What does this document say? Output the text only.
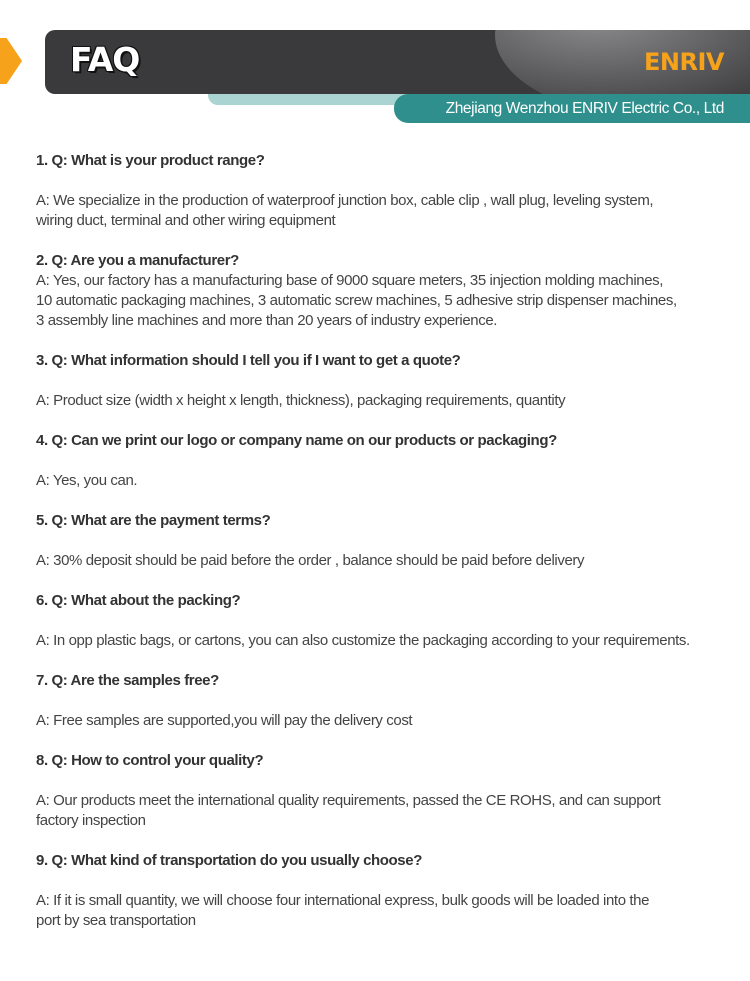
FAQ	ENRIV
Zhejiang Wenzhou ENRIV Electric Co., Ltd
1. Q: What is your product range?
A: We specialize in the production of waterproof junction box, cable clip , wall plug, leveling system,
wiring duct, terminal and other wiring equipment
2. Q: Are you a manufacturer?
A: Yes, our factory has a manufacturing base of 9000 square meters, 35 injection molding machines,
10 automatic packaging machines, 3 automatic screw machines, 5 adhesive strip dispenser machines,
3 assembly line machines and more than 20 years of industry experience.
3. Q: What information should I tell you if I want to get a quote?
A: Product size (width x height x length, thickness), packaging requirements, quantity
4. Q: Can we print our logo or company name on our products or packaging?
A: Yes, you can.
5. Q: What are the payment terms?
A: 30% deposit should be paid before the order , balance should be paid before delivery
6. Q: What about the packing?
A: In opp plastic bags, or cartons, you can also customize the packaging according to your requirements.
7. Q: Are the samples free?
A: Free samples are supported,you will pay the delivery cost
8. Q: How to control your quality?
A: Our products meet the international quality requirements, passed the CE ROHS, and can support
factory inspection
9. Q: What kind of transportation do you usually choose?
A: If it is small quantity, we will choose four international express, bulk goods will be loaded into the
port by sea transportation
